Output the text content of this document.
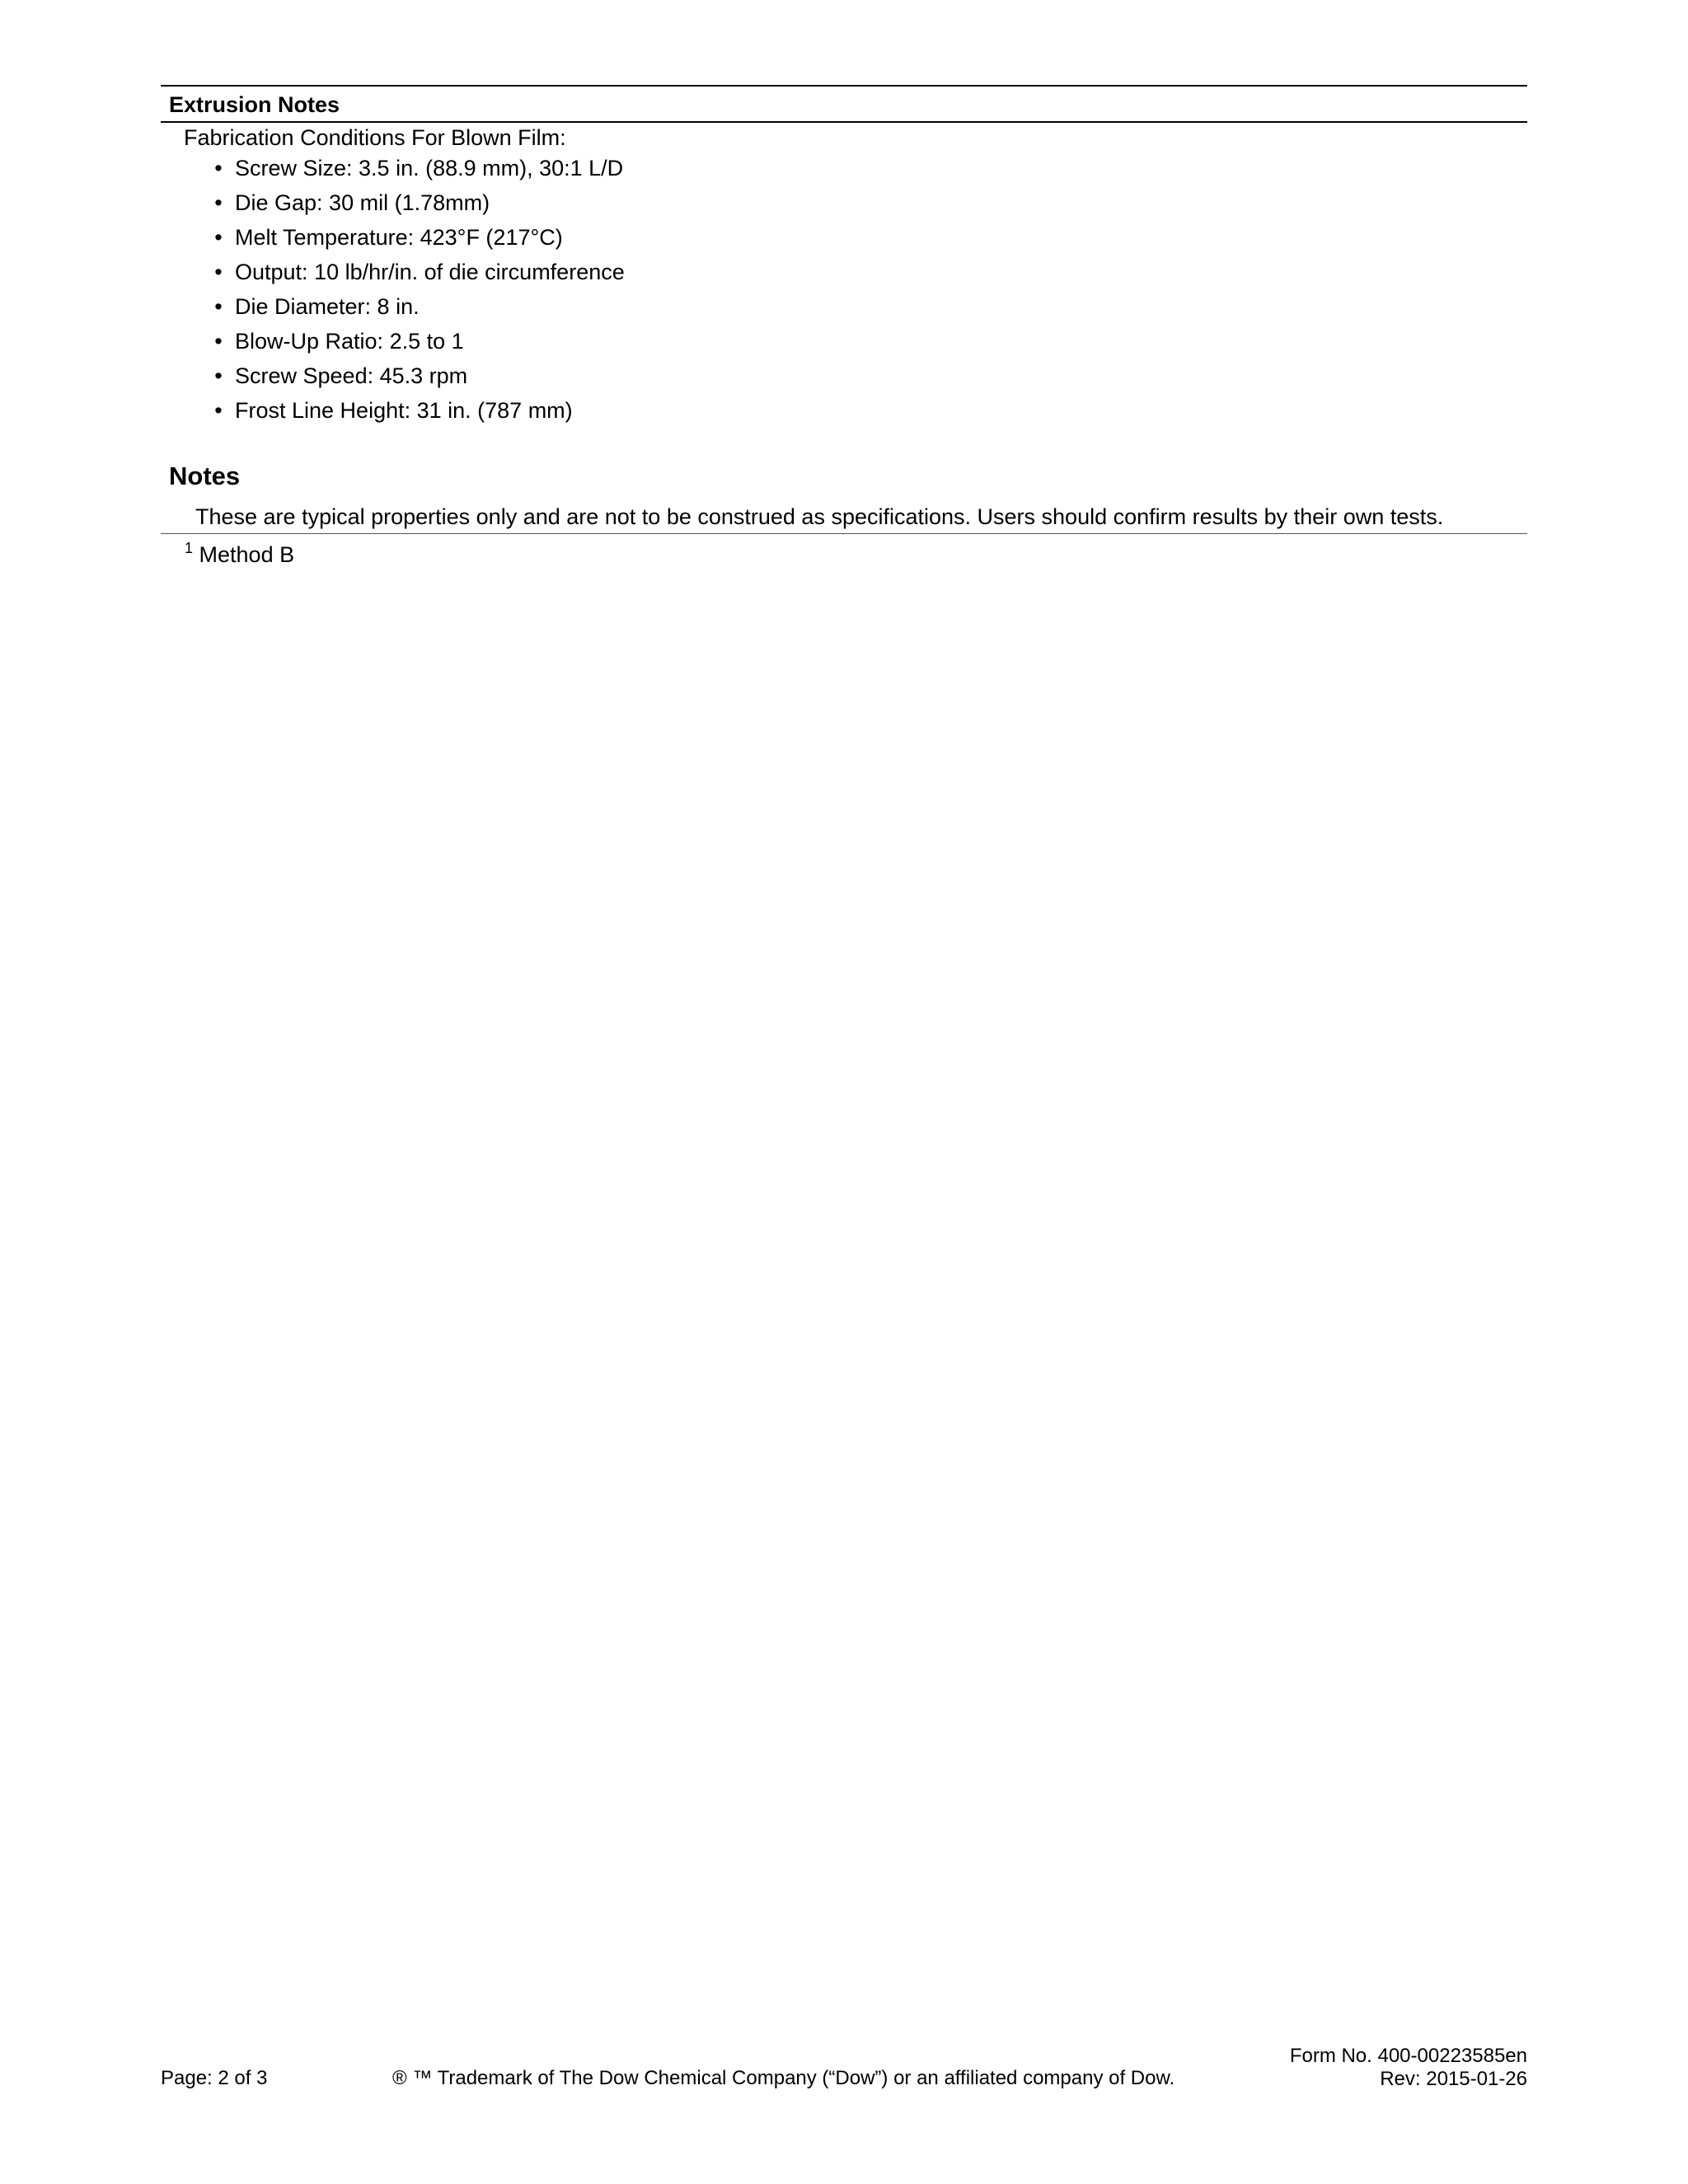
Extrusion Notes
Fabrication Conditions For Blown Film:
• Screw Size: 3.5 in. (88.9 mm), 30:1 L/D
• Die Gap: 30 mil (1.78mm)
• Melt Temperature: 423°F (217°C)
• Output: 10 lb/hr/in. of die circumference
• Die Diameter: 8 in.
• Blow-Up Ratio: 2.5 to 1
• Screw Speed: 45.3 rpm
• Frost Line Height: 31 in. (787 mm)
Notes
These are typical properties only and are not to be construed as specifications. Users should confirm results by their own tests.
$^1$ Method B
Page: 2 of 3	® ™ Trademark of The Dow Chemical Company (“Dow”) or an affiliated company of Dow.
Form No. 400-00223585en
Rev: 2015-01-26
